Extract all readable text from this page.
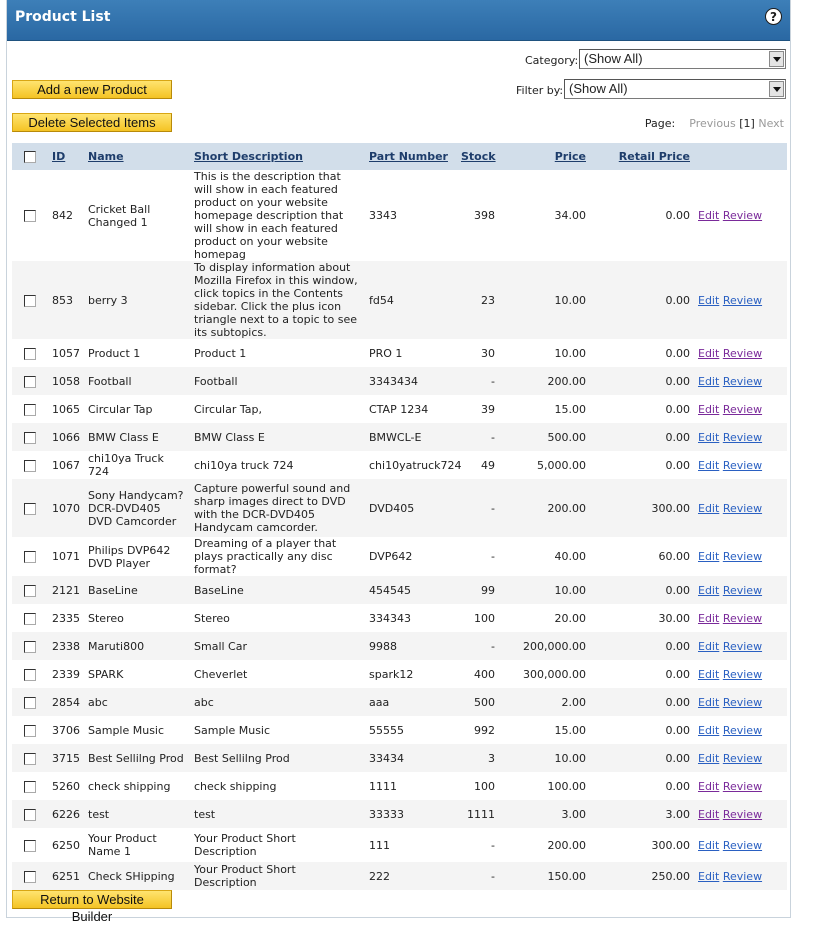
Product List	?
Add a new Product
Delete Selected Items
Category: (Show All)
Filter by: (Show All)
Page: Previous [1] Next
	ID	Name	Short Description	Part Number	Stock	Price	Retail Price	
	842	Cricket Ball Changed 1	This is the description that will show in each featured product on your website homepage description that will show in each featured product on your website homepag	3343	398	34.00	0.00	Edit Review
	853	berry 3	To display information about Mozilla Firefox in this window, click topics in the Contents sidebar. Click the plus icon triangle next to a topic to see its subtopics.	fd54	23	10.00	0.00	Edit Review
	1057	Product 1	Product 1	PRO 1	30	10.00	0.00	Edit Review
	1058	Football	Football	3343434	-	200.00	0.00	Edit Review
	1065	Circular Tap	Circular Tap,	CTAP 1234	39	15.00	0.00	Edit Review
	1066	BMW Class E	BMW Class E	BMWCL-E	-	500.00	0.00	Edit Review
	1067	chi10ya Truck 724	chi10ya truck 724	chi10yatruck724	49	5,000.00	0.00	Edit Review
	1070	Sony Handycam? DCR-DVD405 DVD Camcorder	Capture powerful sound and sharp images direct to DVD with the DCR-DVD405 Handycam camcorder.	DVD405	-	200.00	300.00	Edit Review
	1071	Philips DVP642 DVD Player	Dreaming of a player that plays practically any disc format?	DVP642	-	40.00	60.00	Edit Review
	2121	BaseLine	BaseLine	454545	99	10.00	0.00	Edit Review
	2335	Stereo	Stereo	334343	100	20.00	30.00	Edit Review
	2338	Maruti800	Small Car	9988	-	200,000.00	0.00	Edit Review
	2339	SPARK	Cheverlet	spark12	400	300,000.00	0.00	Edit Review
	2854	abc	abc	aaa	500	2.00	0.00	Edit Review
	3706	Sample Music	Sample Music	55555	992	15.00	0.00	Edit Review
	3715	Best Sellilng Prod	Best Sellilng Prod	33434	3	10.00	0.00	Edit Review
	5260	check shipping	check shipping	1111	100	100.00	0.00	Edit Review
	6226	test	test	33333	1111	3.00	3.00	Edit Review
	6250	Your Product Name 1	Your Product Short Description	111	-	200.00	300.00	Edit Review
	6251	Check SHipping	Your Product Short Description	222	-	150.00	250.00	Edit Review
Return to Website Builder
